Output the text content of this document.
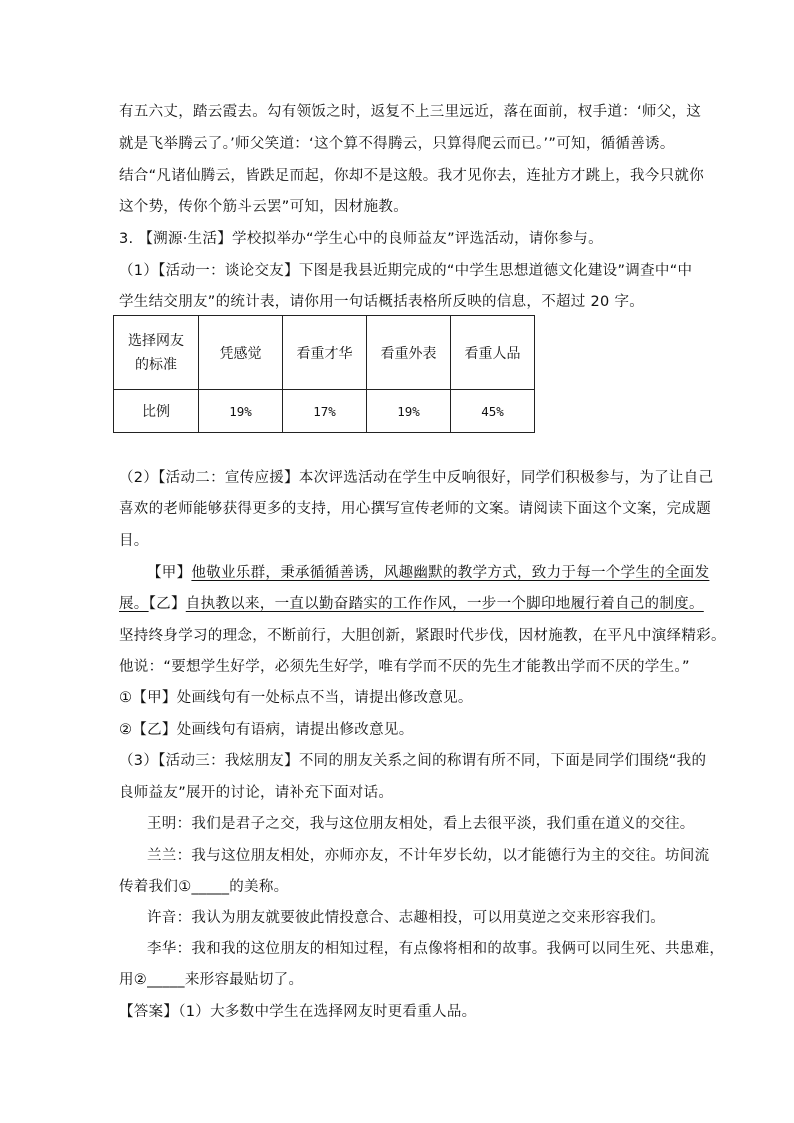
有五六丈，踏云霞去。勾有领饭之时，返复不上三里远近，落在面前，杈手道：‘师父，这
就是飞举腾云了。’师父笑道：‘这个算不得腾云，只算得爬云而已。’”可知，循循善诱。
结合“凡诸仙腾云，皆跌足而起，你却不是这般。我才见你去，连扯方才跳上，我今只就你
这个势，传你个筋斗云罢”可知，因材施教。
3. 【溯源·生活】学校拟举办“学生心中的良师益友”评选活动，请你参与。
（1）【活动一：谈论交友】下图是我县近期完成的“中学生思想道德文化建设”调查中“中
学生结交朋友”的统计表，请你用一句话概括表格所反映的信息，不超过 20 字。
选择网友
的标准	凭感觉	看重才华	看重外表	看重人品
比例	19%	17%	19%	45%
（2）【活动二：宣传应援】本次评选活动在学生中反响很好，同学们积极参与，为了让自己
喜欢的老师能够获得更多的支持，用心撰写宣传老师的文案。请阅读下面这个文案，完成题
目。
【甲】他敬业乐群，秉承循循善诱，风趣幽默的教学方式，致力于每一个学生的全面发
展。【乙】自执教以来，一直以勤奋踏实的工作作风，一步一个脚印地履行着自己的制度。
坚持终身学习的理念，不断前行，大胆创新，紧跟时代步伐，因材施教，在平凡中演绎精彩。
他说：“要想学生好学，必须先生好学，唯有学而不厌的先生才能教出学而不厌的学生。”
①【甲】处画线句有一处标点不当，请提出修改意见。
②【乙】处画线句有语病，请提出修改意见。
（3）【活动三：我炫朋友】不同的朋友关系之间的称谓有所不同，下面是同学们围绕“我的
良师益友”展开的讨论，请补充下面对话。
王明：我们是君子之交，我与这位朋友相处，看上去很平淡，我们重在道义的交往。
兰兰：我与这位朋友相处，亦师亦友，不计年岁长幼，以才能德行为主的交往。坊间流
传着我们①_____的美称。
许音：我认为朋友就要彼此情投意合、志趣相投，可以用莫逆之交来形容我们。
李华：我和我的这位朋友的相知过程，有点像将相和的故事。我俩可以同生死、共患难，
用②_____来形容最贴切了。
【答案】（1）大多数中学生在选择网友时更看重人品。
